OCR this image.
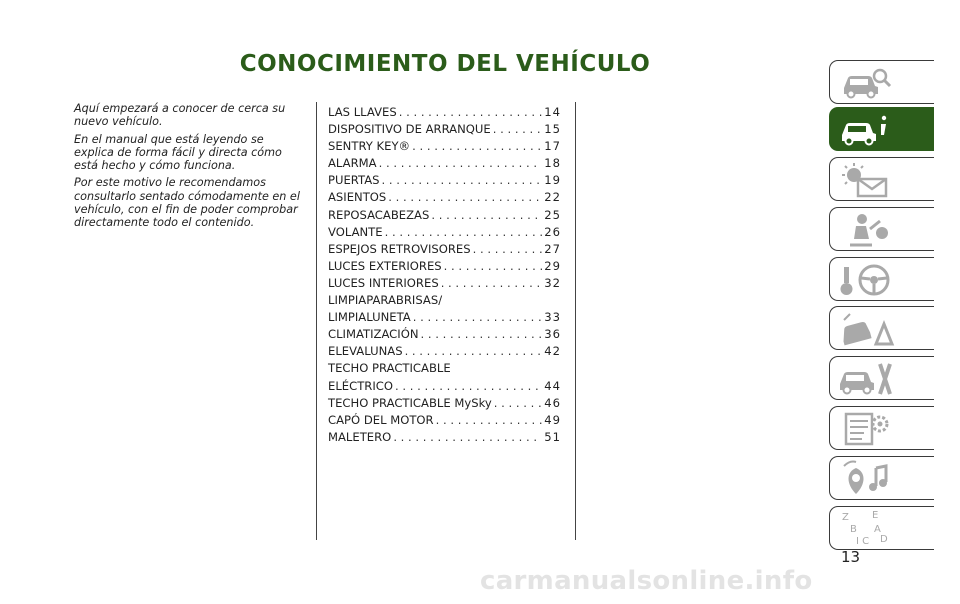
CONOCIMIENTO DEL VEHÍCULO

Aquí empezará a conocer de cerca su nuevo vehículo.

En el manual que está leyendo se explica de forma fácil y directa cómo está hecho y cómo funciona.

Por este motivo le recomendamos consultarlo sentado cómodamente en el vehículo, con el fin de poder comprobar directamente todo el contenido.

LAS LLAVES . . .	14
DISPOSITIVO DE ARRANQUE . . .	15
SENTRY KEY® . . .	17
ALARMA . . .	18
PUERTAS . . .	19
ASIENTOS . . .	22
REPOSACABEZAS . . .	25
VOLANTE . . .	26
ESPEJOS RETROVISORES . . .	27
LUCES EXTERIORES . . .	29
LUCES INTERIORES . . .	32
LIMPIAPARABRISAS/
LIMPIALUNETA . . .	33
CLIMATIZACIÓN . . .	36
ELEVALUNAS . . .	42
TECHO PRACTICABLE
ELÉCTRICO . . .	44
TECHO PRACTICABLE MySky . . .	46
CAPÓ DEL MOTOR . . .	49
MALETERO . . .	51
Z E
B A
I C D
13
carmanualsonline.info
